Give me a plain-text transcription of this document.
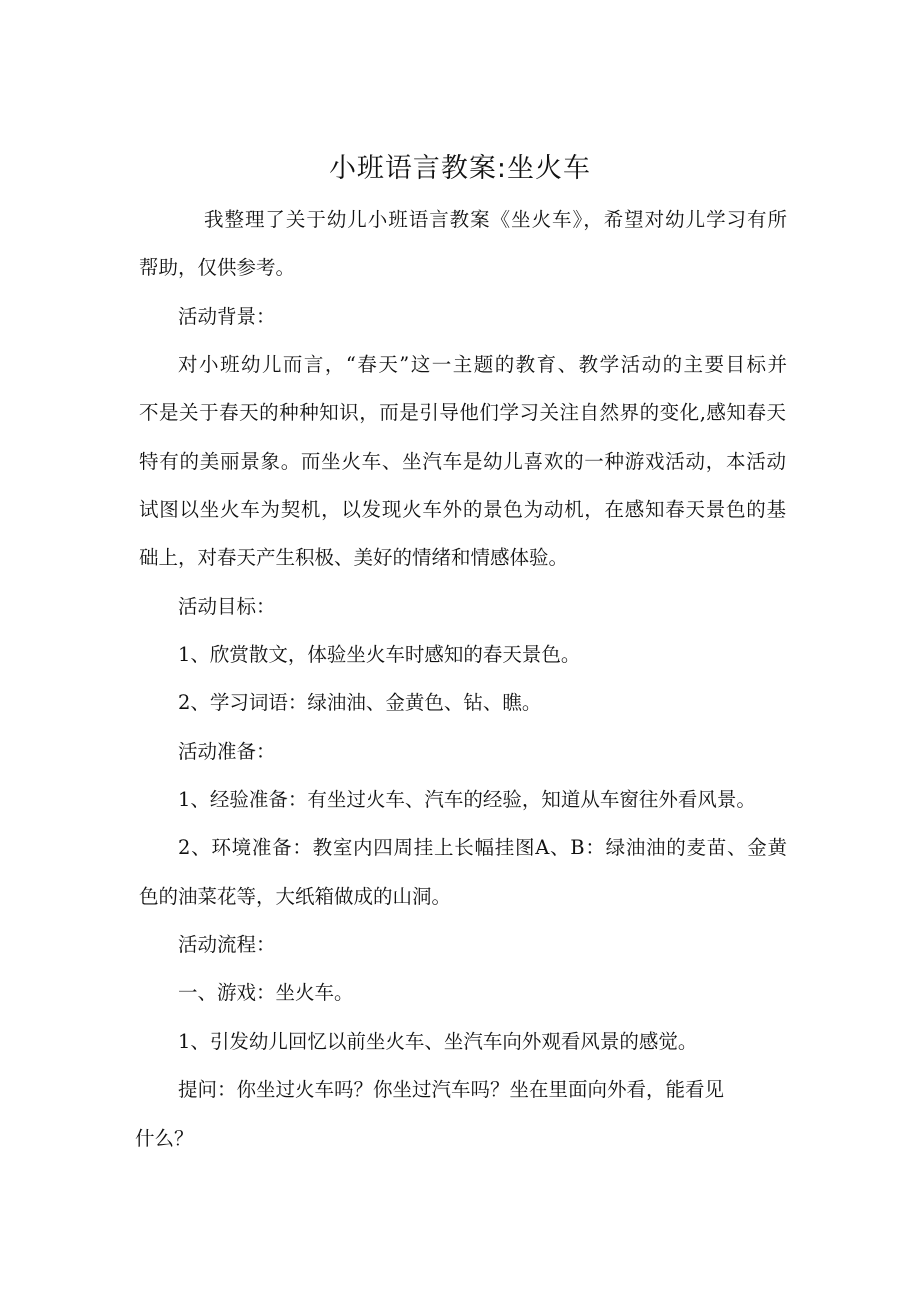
小班语言教案:坐火车

我整理了关于幼儿小班语言教案《坐火车》，希望对幼儿学习有所

帮助，仅供参考。

活动背景：

对小班幼儿而言，“春天”这一主题的教育、教学活动的主要目标并

不是关于春天的种种知识，而是引导他们学习关注自然界的变化,感知春天

特有的美丽景象。而坐火车、坐汽车是幼儿喜欢的一种游戏活动，本活动

试图以坐火车为契机，以发现火车外的景色为动机，在感知春天景色的基

础上，对春天产生积极、美好的情绪和情感体验。

活动目标：

1、欣赏散文，体验坐火车时感知的春天景色。

2、学习词语：绿油油、金黄色、钻、瞧。

活动准备：

1、经验准备：有坐过火车、汽车的经验，知道从车窗往外看风景。

2、环境准备：教室内四周挂上长幅挂图A、B：绿油油的麦苗、金黄

色的油菜花等，大纸箱做成的山洞。

活动流程：

一、游戏：坐火车。

1、引发幼儿回忆以前坐火车、坐汽车向外观看风景的感觉。

提问：你坐过火车吗？你坐过汽车吗？坐在里面向外看，能看见

什么？
